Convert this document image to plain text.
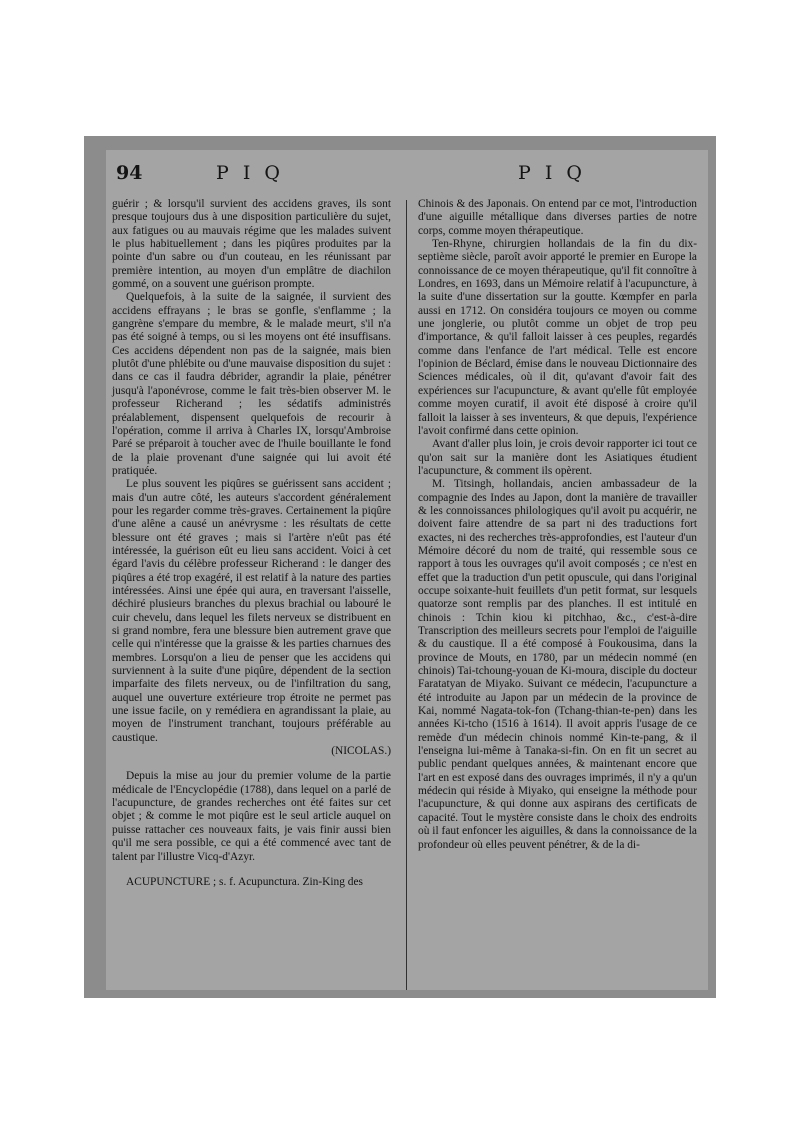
94	P I Q	P I Q

guérir ; & lorsqu'il survient des accidens graves, ils sont presque toujours dus à une disposition particulière du sujet, aux fatigues ou au mauvais régime que les malades suivent le plus habituellement ; dans les piqûres produites par la pointe d'un sabre ou d'un couteau, en les réunissant par première intention, au moyen d'un emplâtre de diachilon gommé, on a souvent une guérison prompte.

Quelquefois, à la suite de la saignée, il survient des accidens effrayans ; le bras se gonfle, s'enflamme ; la gangrène s'empare du membre, & le malade meurt, s'il n'a pas été soigné à temps, ou si les moyens ont été insuffisans. Ces accidens dépendent non pas de la saignée, mais bien plutôt d'une phlébite ou d'une mauvaise disposition du sujet : dans ce cas il faudra débrider, agrandir la plaie, pénétrer jusqu'à l'aponévrose, comme le fait très-bien observer M. le professeur Richerand ; les sédatifs administrés préalablement, dispensent quelquefois de recourir à l'opération, comme il arriva à Charles IX, lorsqu'Ambroise Paré se préparoit à toucher avec de l'huile bouillante le fond de la plaie provenant d'une saignée qui lui avoit été pratiquée.

Le plus souvent les piqûres se guérissent sans accident ; mais d'un autre côté, les auteurs s'accordent généralement pour les regarder comme très-graves. Certainement la piqûre d'une alêne a causé un anévrysme : les résultats de cette blessure ont été graves ; mais si l'artère n'eût pas été intéressée, la guérison eût eu lieu sans accident. Voici à cet égard l'avis du célèbre professeur Richerand : le danger des piqûres a été trop exagéré, il est relatif à la nature des parties intéressées. Ainsi une épée qui aura, en traversant l'aisselle, déchiré plusieurs branches du plexus brachial ou labouré le cuir chevelu, dans lequel les filets nerveux se distribuent en si grand nombre, fera une blessure bien autrement grave que celle qui n'intéresse que la graisse & les parties charnues des membres. Lorsqu'on a lieu de penser que les accidens qui surviennent à la suite d'une piqûre, dépendent de la section imparfaite des filets nerveux, ou de l'infiltration du sang, auquel une ouverture extérieure trop étroite ne permet pas une issue facile, on y remédiera en agrandissant la plaie, au moyen de l'instrument tranchant, toujours préférable au caustique.

(NICOLAS.)

Depuis la mise au jour du premier volume de la partie médicale de l'Encyclopédie (1788), dans lequel on a parlé de l'acupuncture, de grandes recherches ont été faites sur cet objet ; & comme le mot piqûre est le seul article auquel on puisse rattacher ces nouveaux faits, je vais finir aussi bien qu'il me sera possible, ce qui a été commencé avec tant de talent par l'illustre Vicq-d'Azyr.

ACUPUNCTURE ; s. f. Acupunctura. Zin-King des

Chinois & des Japonais. On entend par ce mot, l'introduction d'une aiguille métallique dans diverses parties de notre corps, comme moyen thérapeutique.

Ten-Rhyne, chirurgien hollandais de la fin du dix-septième siècle, paroît avoir apporté le premier en Europe la connoissance de ce moyen thérapeutique, qu'il fit connoître à Londres, en 1693, dans un Mémoire relatif à l'acupuncture, à la suite d'une dissertation sur la goutte. Kœmpfer en parla aussi en 1712. On considéra toujours ce moyen ou comme une jonglerie, ou plutôt comme un objet de trop peu d'importance, & qu'il falloit laisser à ces peuples, regardés comme dans l'enfance de l'art médical. Telle est encore l'opinion de Béclard, émise dans le nouveau Dictionnaire des Sciences médicales, où il dit, qu'avant d'avoir fait des expériences sur l'acupuncture, & avant qu'elle fût employée comme moyen curatif, il avoit été disposé à croire qu'il falloit la laisser à ses inventeurs, & que depuis, l'expérience l'avoit confirmé dans cette opinion.

Avant d'aller plus loin, je crois devoir rapporter ici tout ce qu'on sait sur la manière dont les Asiatiques étudient l'acupuncture, & comment ils opèrent.

M. Titsingh, hollandais, ancien ambassadeur de la compagnie des Indes au Japon, dont la manière de travailler & les connoissances philologiques qu'il avoit pu acquérir, ne doivent faire attendre de sa part ni des traductions fort exactes, ni des recherches très-approfondies, est l'auteur d'un Mémoire décoré du nom de traité, qui ressemble sous ce rapport à tous les ouvrages qu'il avoit composés ; ce n'est en effet que la traduction d'un petit opuscule, qui dans l'original occupe soixante-huit feuillets d'un petit format, sur lesquels quatorze sont remplis par des planches. Il est intitulé en chinois : Tchin kiou ki pitchhao, &c., c'est-à-dire Transcription des meilleurs secrets pour l'emploi de l'aiguille & du caustique. Il a été composé à Foukousima, dans la province de Mouts, en 1780, par un médecin nommé (en chinois) Tai-tchoung-youan de Ki-moura, disciple du docteur Faratatyan de Miyako. Suivant ce médecin, l'acupuncture a été introduite au Japon par un médecin de la province de Kai, nommé Nagata-tok-fon (Tchang-thian-te-pen) dans les années Ki-tcho (1516 à 1614). Il avoit appris l'usage de ce remède d'un médecin chinois nommé Kin-te-pang, & il l'enseigna lui-même à Tanaka-si-fin. On en fit un secret au public pendant quelques années, & maintenant encore que l'art en est exposé dans des ouvrages imprimés, il n'y a qu'un médecin qui réside à Miyako, qui enseigne la méthode pour l'acupuncture, & qui donne aux aspirans des certificats de capacité. Tout le mystère consiste dans le choix des endroits où il faut enfoncer les aiguilles, & dans la connoissance de la profondeur où elles peuvent pénétrer, & de la di-
